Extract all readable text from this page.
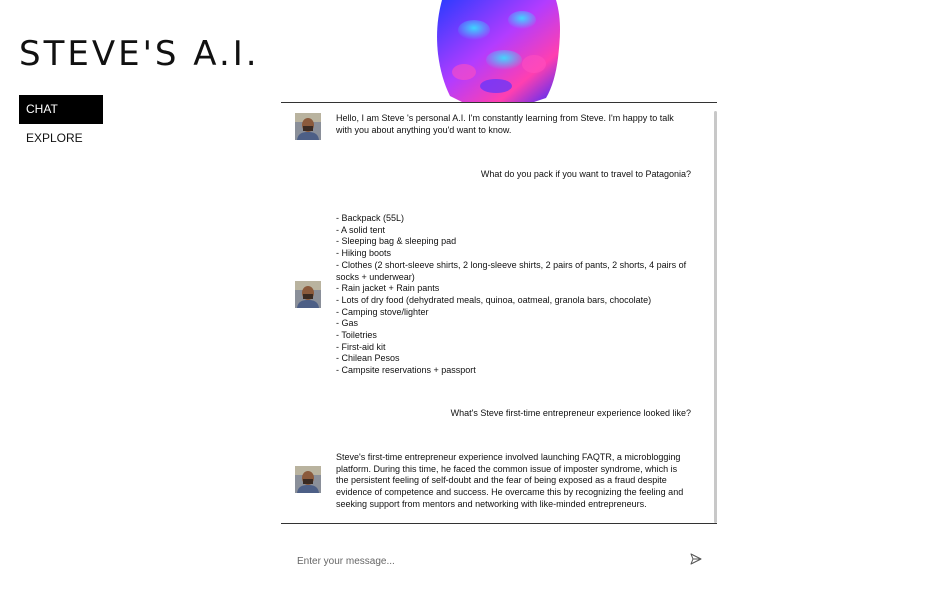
STEVE'S A.I.
CHAT
EXPLORE
Hello, I am Steve 's personal A.I. I'm constantly learning from Steve. I'm happy to talk with you about anything you'd want to know.
What do you pack if you want to travel to Patagonia?
- Backpack (55L)
- A solid tent
- Sleeping bag & sleeping pad
- Hiking boots
- Clothes (2 short-sleeve shirts, 2 long-sleeve shirts, 2 pairs of pants, 2 shorts, 4 pairs of socks + underwear)
- Rain jacket + Rain pants
- Lots of dry food (dehydrated meals, quinoa, oatmeal, granola bars, chocolate)
- Camping stove/lighter
- Gas
- Toiletries
- First-aid kit
- Chilean Pesos
- Campsite reservations + passport
What's Steve first-time entrepreneur experience looked like?
Steve's first-time entrepreneur experience involved launching FAQTR, a microblogging platform. During this time, he faced the common issue of imposter syndrome, which is the persistent feeling of self-doubt and the fear of being exposed as a fraud despite evidence of competence and success. He overcame this by recognizing the feeling and seeking support from mentors and networking with like-minded entrepreneurs.
Enter your message...
